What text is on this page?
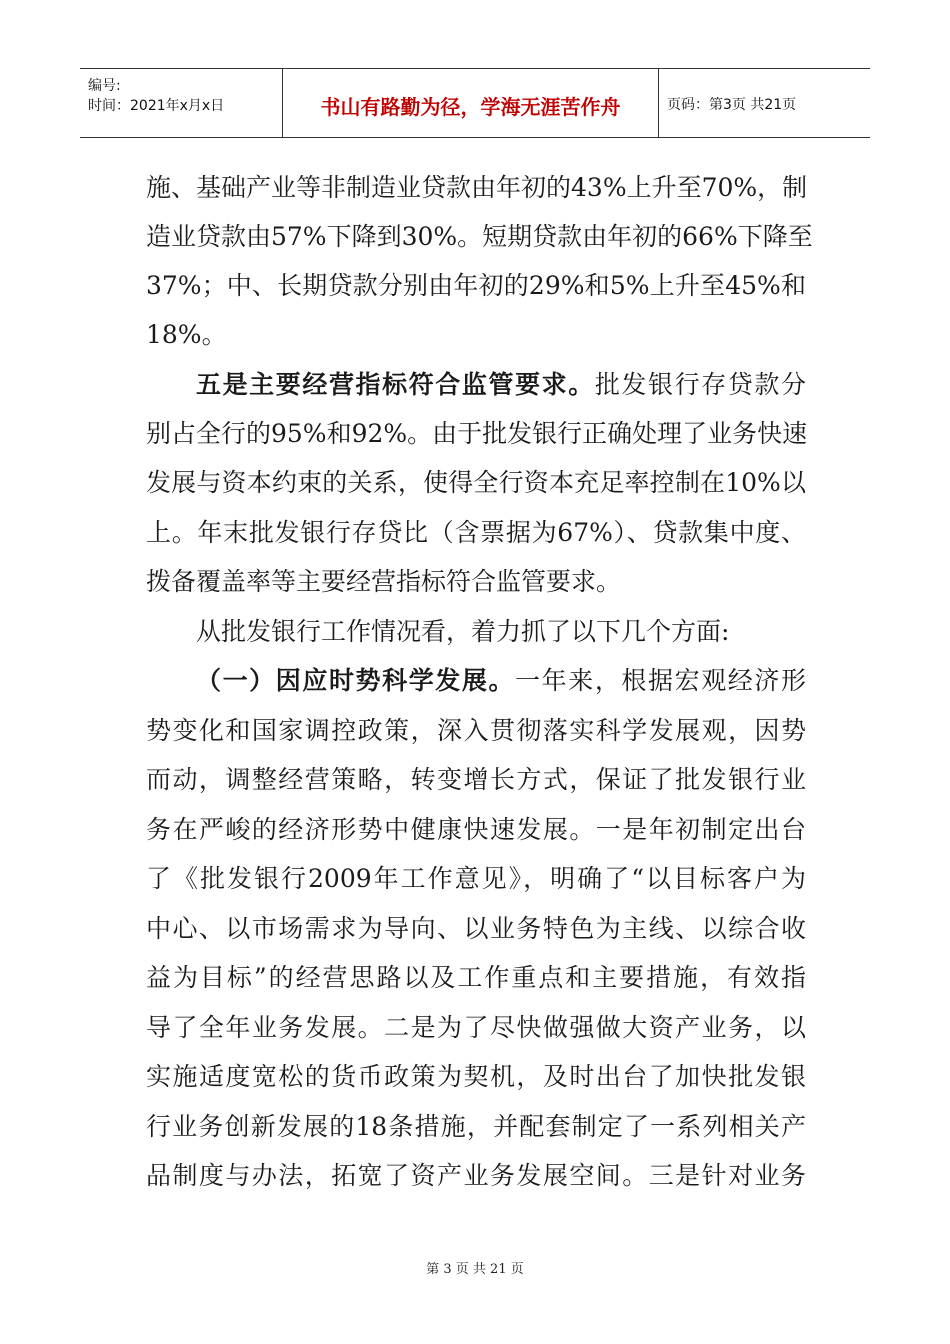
编号:
时间：2021年x月x日	书山有路勤为径，学海无涯苦作舟	页码：第3页 共21页
施、基础产业等非制造业贷款由年初的43%上升至70%，制
造业贷款由57%下降到30%。短期贷款由年初的66%下降至
37%；中、长期贷款分别由年初的29%和5%上升至45%和
18%。
五是主要经营指标符合监管要求。批发银行存贷款分
别占全行的95%和92%。由于批发银行正确处理了业务快速
发展与资本约束的关系，使得全行资本充足率控制在10%以
上。年末批发银行存贷比（含票据为67%）、贷款集中度、
拨备覆盖率等主要经营指标符合监管要求。
从批发银行工作情况看，着力抓了以下几个方面:
（一）因应时势科学发展。一年来，根据宏观经济形
势变化和国家调控政策，深入贯彻落实科学发展观，因势
而动，调整经营策略，转变增长方式，保证了批发银行业
务在严峻的经济形势中健康快速发展。一是年初制定出台
了《批发银行2009年工作意见》，明确了“以目标客户为
中心、以市场需求为导向、以业务特色为主线、以综合收
益为目标”的经营思路以及工作重点和主要措施，有效指
导了全年业务发展。二是为了尽快做强做大资产业务，以
实施适度宽松的货币政策为契机，及时出台了加快批发银
行业务创新发展的18条措施，并配套制定了一系列相关产
品制度与办法，拓宽了资产业务发展空间。三是针对业务
第 3 页 共 21 页
